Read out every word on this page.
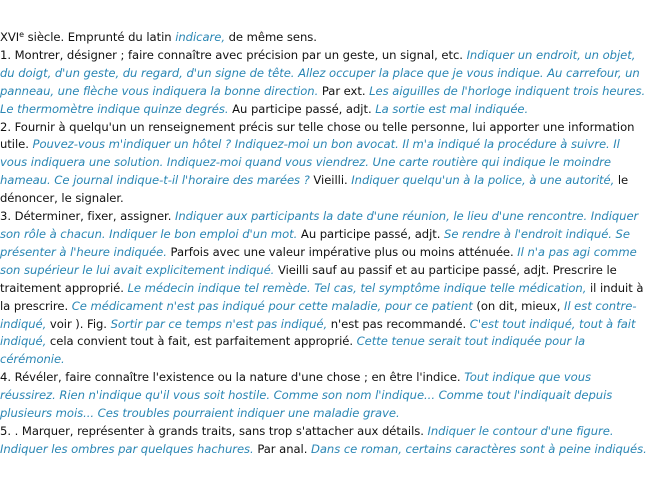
XVIe siècle. Emprunté du latin indicare, de même sens.

1. Montrer, désigner ; faire connaître avec précision par un geste, un signal, etc. Indiquer un endroit, un objet, du doigt, d'un geste, du regard, d'un signe de tête. Allez occuper la place que je vous indique. Au carrefour, un panneau, une flèche vous indiquera la bonne direction. Par ext. Les aiguilles de l'horloge indiquent trois heures. Le thermomètre indique quinze degrés. Au participe passé, adjt. La sortie est mal indiquée.

2. Fournir à quelqu'un un renseignement précis sur telle chose ou telle personne, lui apporter une information utile. Pouvez-vous m'indiquer un hôtel ? Indiquez-moi un bon avocat. Il m'a indiqué la procédure à suivre. Il vous indiquera une solution. Indiquez-moi quand vous viendrez. Une carte routière qui indique le moindre hameau. Ce journal indique-t-il l'horaire des marées ? Vieilli. Indiquer quelqu'un à la police, à une autorité, le dénoncer, le signaler.

3. Déterminer, fixer, assigner. Indiquer aux participants la date d'une réunion, le lieu d'une rencontre. Indiquer son rôle à chacun. Indiquer le bon emploi d'un mot. Au participe passé, adjt. Se rendre à l'endroit indiqué. Se présenter à l'heure indiquée. Parfois avec une valeur impérative plus ou moins atténuée. Il n'a pas agi comme son supérieur le lui avait explicitement indiqué. Vieilli sauf au passif et au participe passé, adjt. Prescrire le traitement approprié. Le médecin indique tel remède. Tel cas, tel symptôme indique telle médication, il induit à la prescrire. Ce médicament n'est pas indiqué pour cette maladie, pour ce patient (on dit, mieux, Il est contre-indiqué, voir ). Fig. Sortir par ce temps n'est pas indiqué, n'est pas recommandé. C'est tout indiqué, tout à fait indiqué, cela convient tout à fait, est parfaitement approprié. Cette tenue serait tout indiquée pour la cérémonie.

4. Révéler, faire connaître l'existence ou la nature d'une chose ; en être l'indice. Tout indique que vous réussirez. Rien n'indique qu'il vous soit hostile. Comme son nom l'indique... Comme tout l'indiquait depuis plusieurs mois... Ces troubles pourraient indiquer une maladie grave.

5. . Marquer, représenter à grands traits, sans trop s'attacher aux détails. Indiquer le contour d'une figure. Indiquer les ombres par quelques hachures. Par anal. Dans ce roman, certains caractères sont à peine indiqués.
